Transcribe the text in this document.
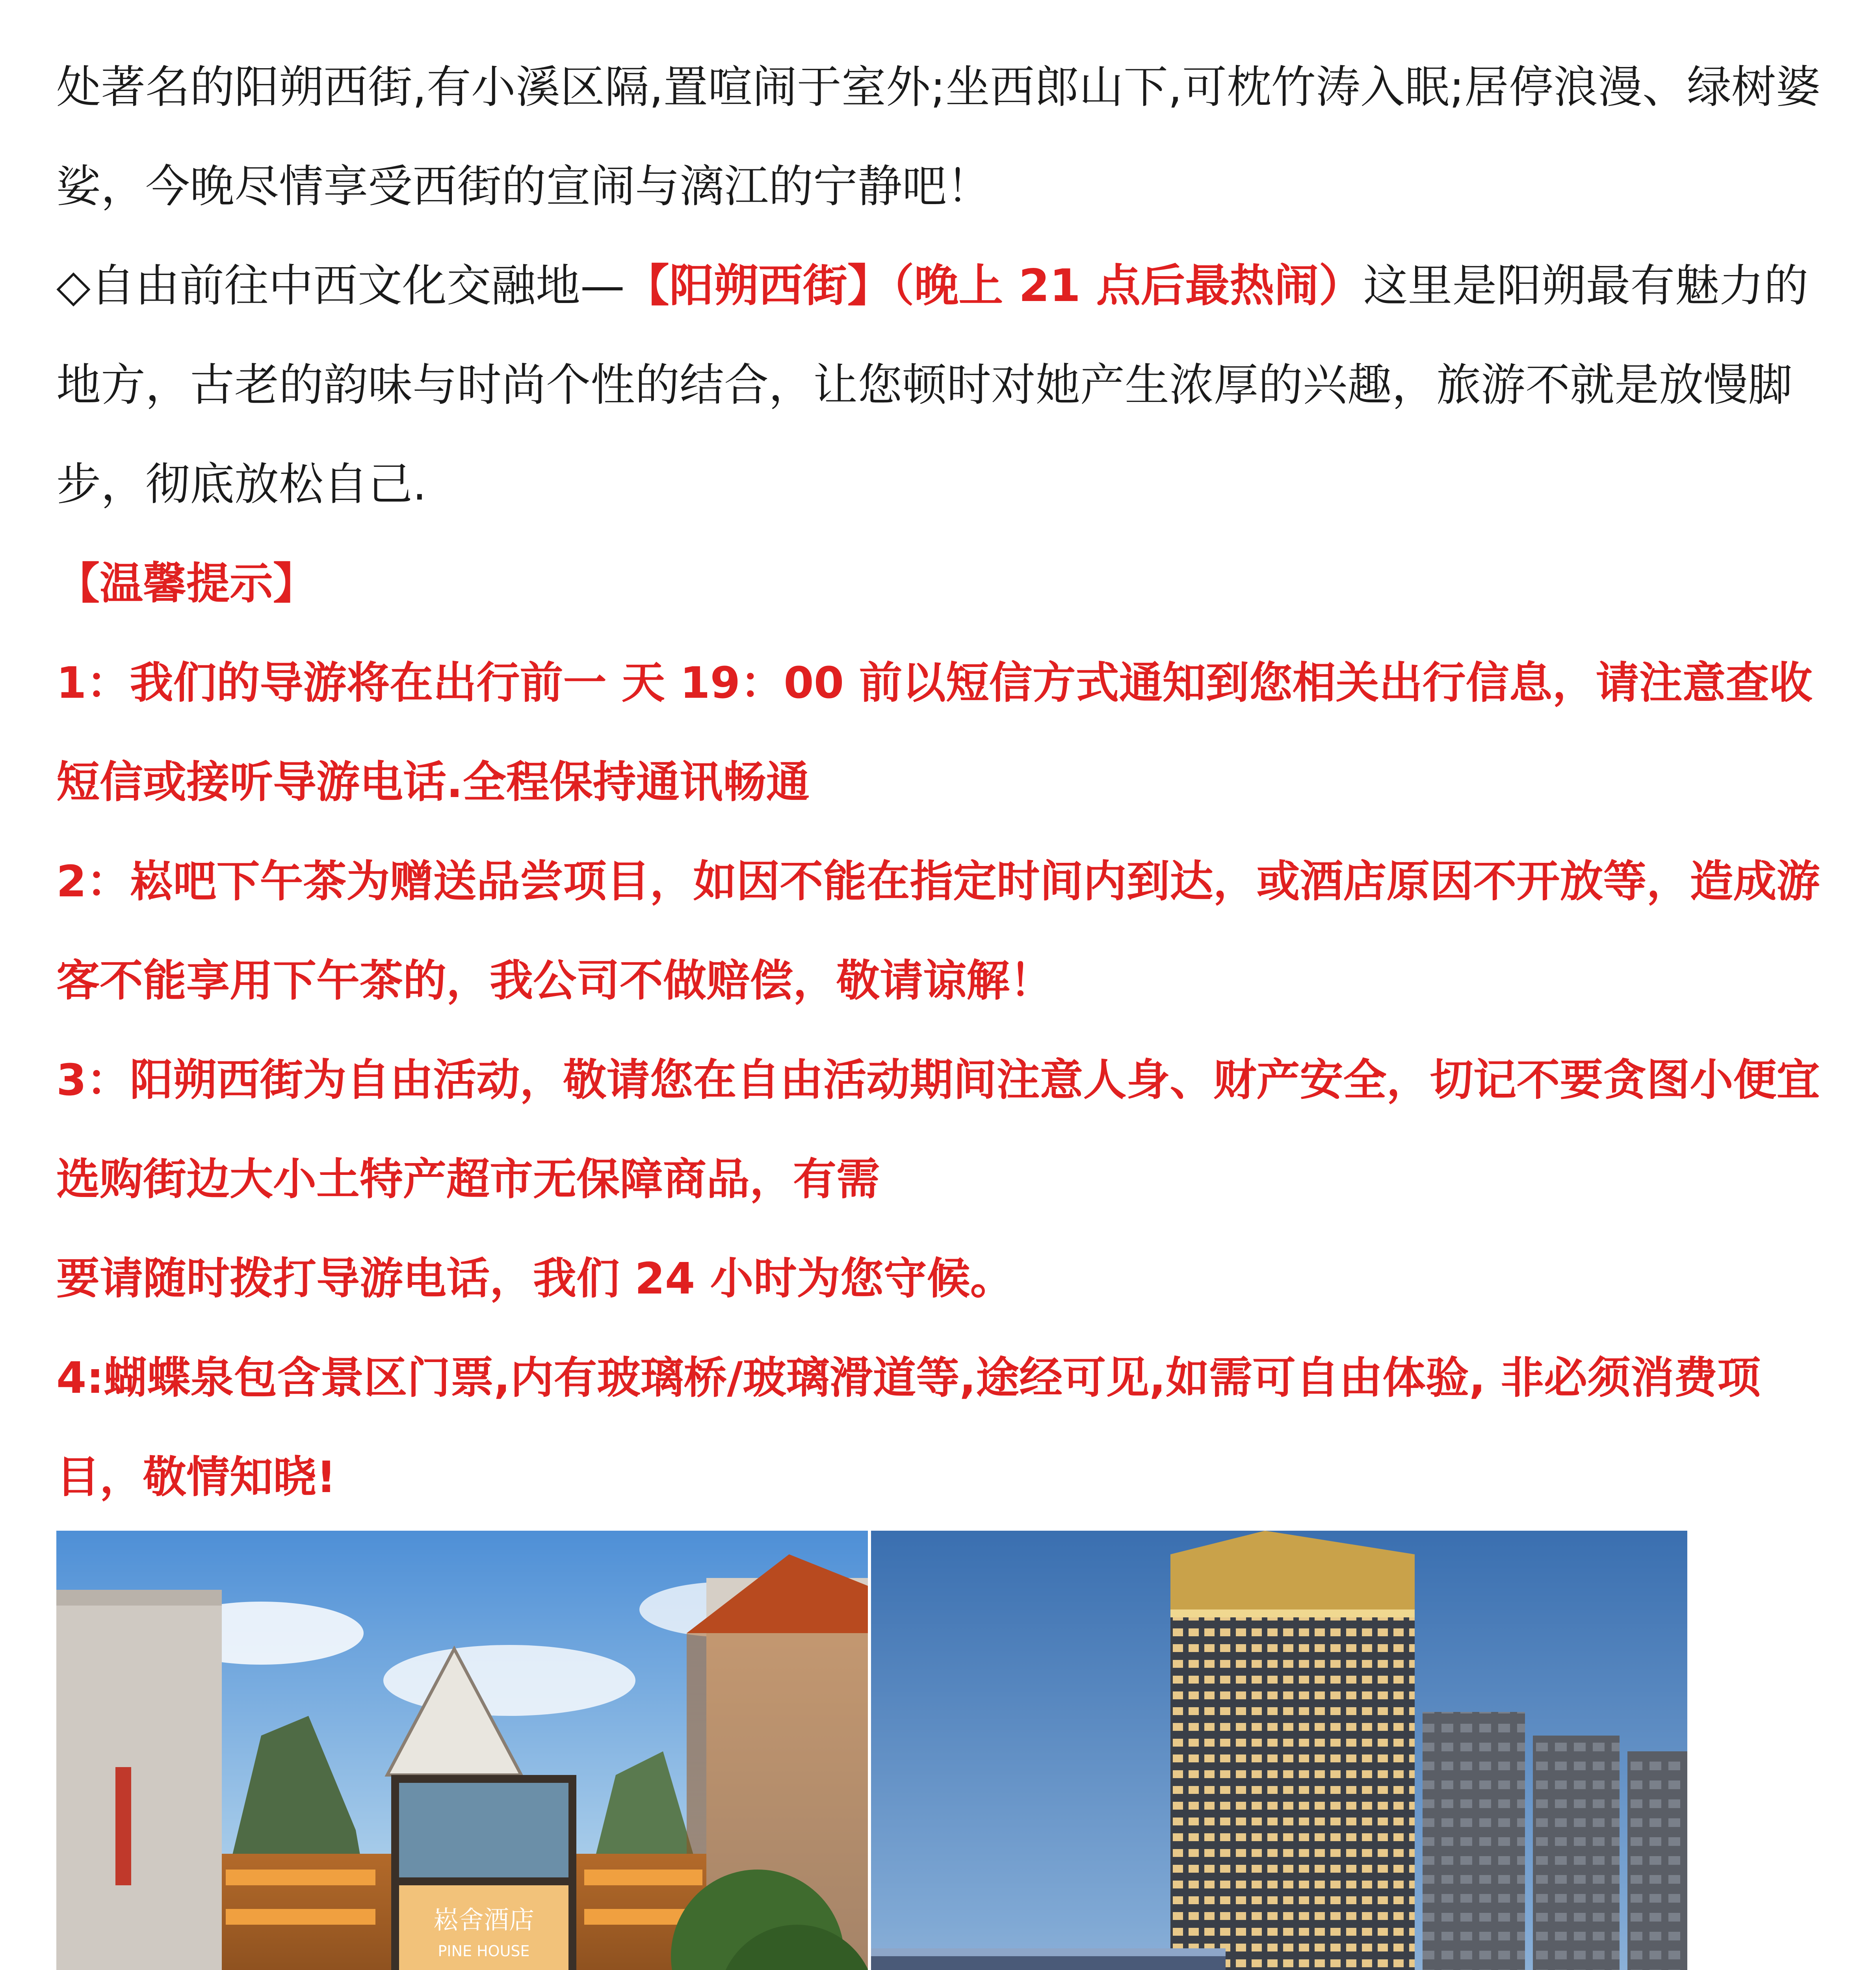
处著名的阳朔西街,有小溪区隔,置喧闹于室外;坐西郎山下,可枕竹涛入眠;居停浪漫、绿树婆娑，今晚尽情享受西街的宣闹与漓江的宁静吧！

◇自由前往中西文化交融地—【阳朔西街】（晚上 21 点后最热闹）这里是阳朔最有魅力的地方，古老的韵味与时尚个性的结合，让您顿时对她产生浓厚的兴趣，旅游不就是放慢脚步，彻底放松自己.

【温馨提示】

1：我们的导游将在出行前一 天 19：00 前以短信方式通知到您相关出行信息，请注意查收短信或接听导游电话.全程保持通讯畅通

2：崧吧下午茶为赠送品尝项目，如因不能在指定时间内到达，或酒店原因不开放等，造成游客不能享用下午茶的，我公司不做赔偿，敬请谅解！

3：阳朔西街为自由活动，敬请您在自由活动期间注意人身、财产安全，切记不要贪图小便宜选购街边大小土特产超市无保障商品，有需

要请随时拨打导游电话，我们 24 小时为您守候。

4:蝴蝶泉包含景区门票,内有玻璃桥/玻璃滑道等,途经可见,如需可自由体验, 非必须消费项目，敬情知晓!

崧舍酒店
PINE HOUSE
